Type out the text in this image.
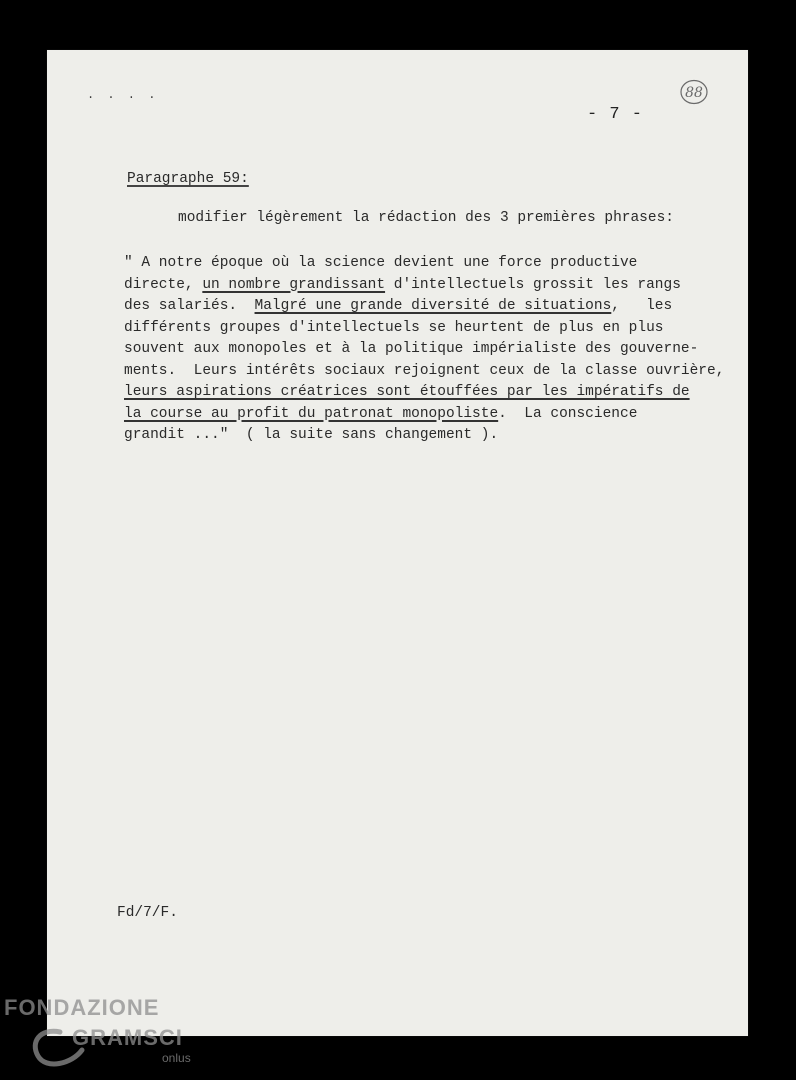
. . . .	88
- 7 -
Paragraphe 59:
modifier légèrement la rédaction des 3 premières phrases:
" A notre époque où la science devient une force productive
directe, un nombre grandissant d'intellectuels grossit les rangs
des salariés.  Malgré une grande diversité de situations,   les
différents groupes d'intellectuels se heurtent de plus en plus
souvent aux monopoles et à la politique impérialiste des gouverne-
ments.  Leurs intérêts sociaux rejoignent ceux de la classe ouvrière,
leurs aspirations créatrices sont étouffées par les impératifs de
la course au profit du patronat monopoliste.  La conscience
grandit ..."  ( la suite sans changement ).
Fd/7/F.
FONDAZIONE
GRAMSCI
onlus
